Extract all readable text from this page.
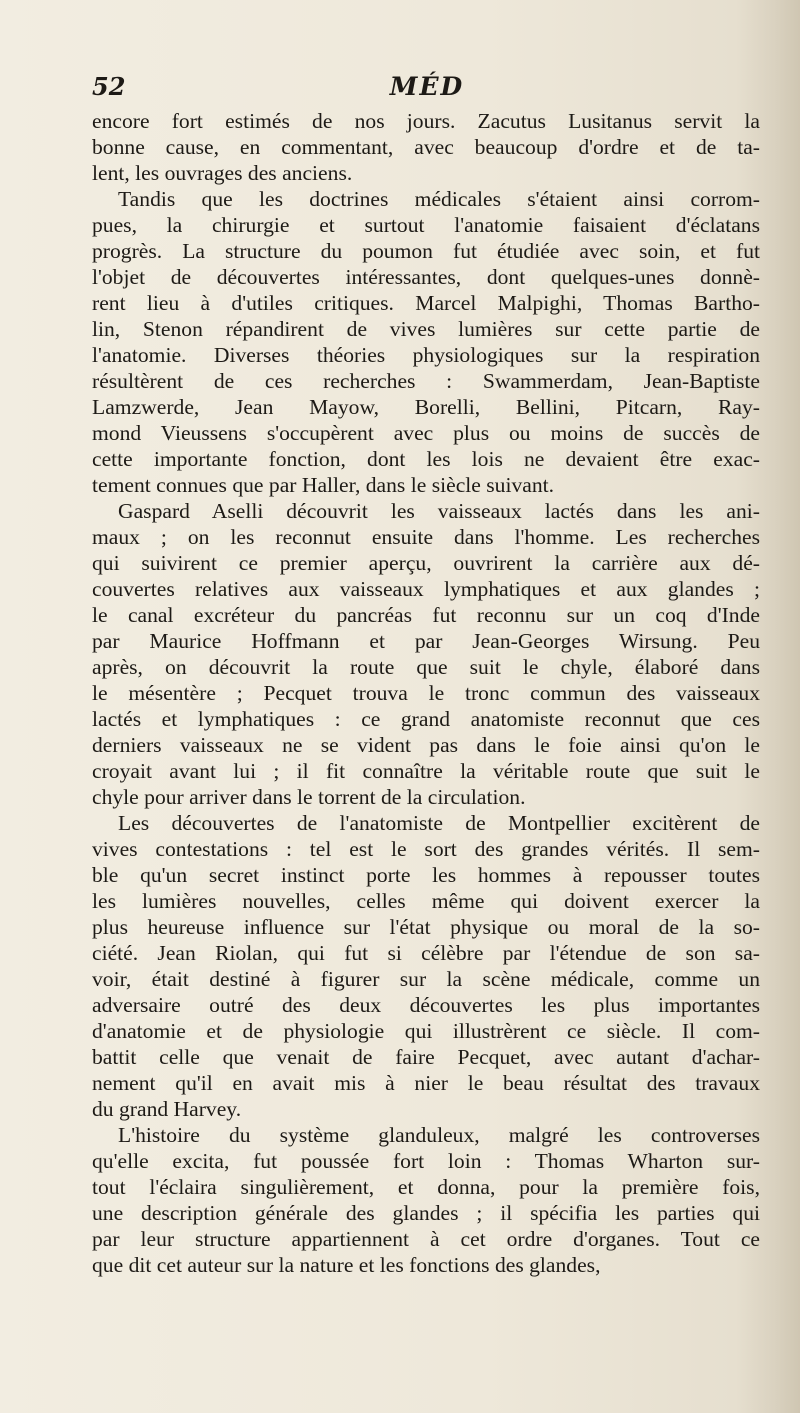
52	MÉD
encore fort estimés de nos jours. Zacutus Lusitanus servit la
bonne cause, en commentant, avec beaucoup d'ordre et de ta-
lent, les ouvrages des anciens.
Tandis que les doctrines médicales s'étaient ainsi corrom-
pues, la chirurgie et surtout l'anatomie faisaient d'éclatans
progrès. La structure du poumon fut étudiée avec soin, et fut
l'objet de découvertes intéressantes, dont quelques-unes donnè-
rent lieu à d'utiles critiques. Marcel Malpighi, Thomas Bartho-
lin, Stenon répandirent de vives lumières sur cette partie de
l'anatomie. Diverses théories physiologiques sur la respiration
résultèrent de ces recherches : Swammerdam, Jean-Baptiste
Lamzwerde, Jean Mayow, Borelli, Bellini, Pitcarn, Ray-
mond Vieussens s'occupèrent avec plus ou moins de succès de
cette importante fonction, dont les lois ne devaient être exac-
tement connues que par Haller, dans le siècle suivant.
Gaspard Aselli découvrit les vaisseaux lactés dans les ani-
maux ; on les reconnut ensuite dans l'homme. Les recherches
qui suivirent ce premier aperçu, ouvrirent la carrière aux dé-
couvertes relatives aux vaisseaux lymphatiques et aux glandes ;
le canal excréteur du pancréas fut reconnu sur un coq d'Inde
par Maurice Hoffmann et par Jean-Georges Wirsung. Peu
après, on découvrit la route que suit le chyle, élaboré dans
le mésentère ; Pecquet trouva le tronc commun des vaisseaux
lactés et lymphatiques : ce grand anatomiste reconnut que ces
derniers vaisseaux ne se vident pas dans le foie ainsi qu'on le
croyait avant lui ; il fit connaître la véritable route que suit le
chyle pour arriver dans le torrent de la circulation.
Les découvertes de l'anatomiste de Montpellier excitèrent de
vives contestations : tel est le sort des grandes vérités. Il sem-
ble qu'un secret instinct porte les hommes à repousser toutes
les lumières nouvelles, celles même qui doivent exercer la
plus heureuse influence sur l'état physique ou moral de la so-
ciété. Jean Riolan, qui fut si célèbre par l'étendue de son sa-
voir, était destiné à figurer sur la scène médicale, comme un
adversaire outré des deux découvertes les plus importantes
d'anatomie et de physiologie qui illustrèrent ce siècle. Il com-
battit celle que venait de faire Pecquet, avec autant d'achar-
nement qu'il en avait mis à nier le beau résultat des travaux
du grand Harvey.
L'histoire du système glanduleux, malgré les controverses
qu'elle excita, fut poussée fort loin : Thomas Wharton sur-
tout l'éclaira singulièrement, et donna, pour la première fois,
une description générale des glandes ; il spécifia les parties qui
par leur structure appartiennent à cet ordre d'organes. Tout ce
que dit cet auteur sur la nature et les fonctions des glandes,
